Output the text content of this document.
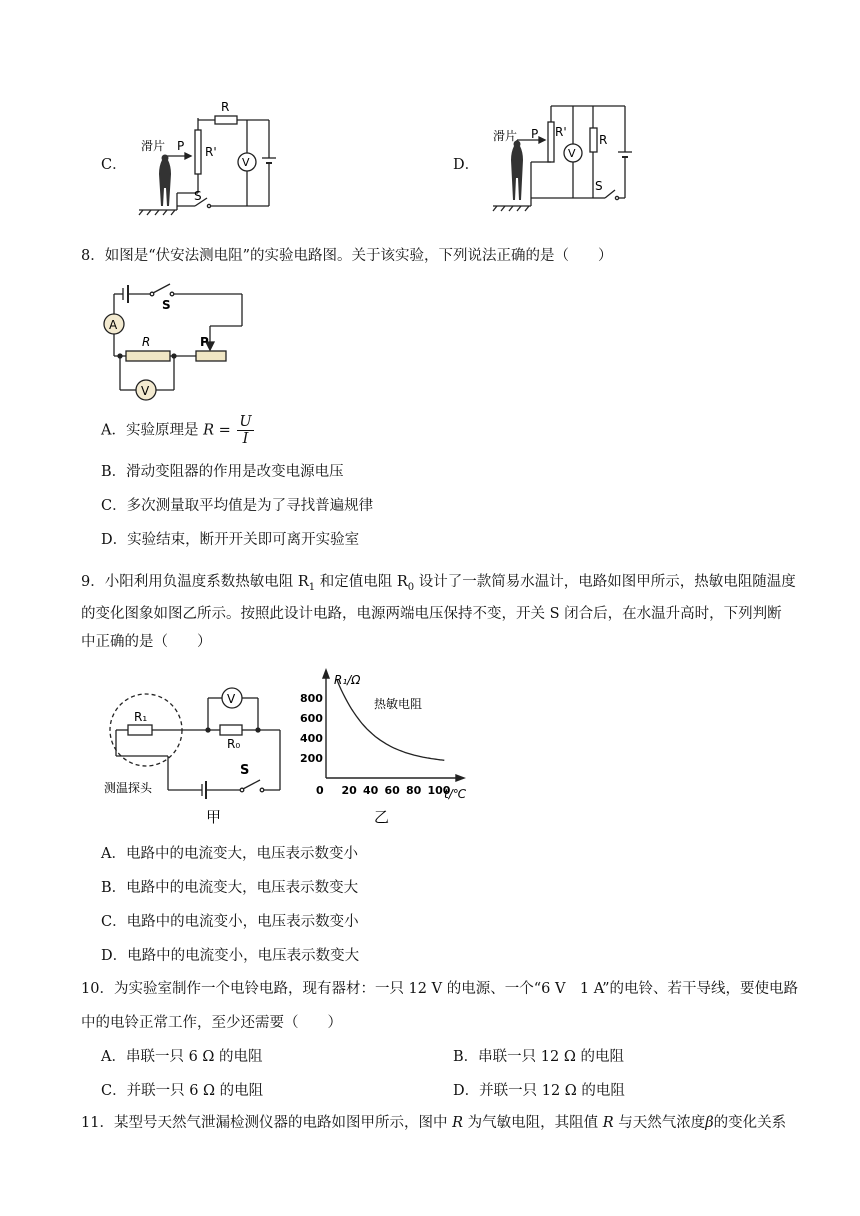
C．
滑片 P R'
R
V
S
D．
滑片 P R'
R
V
S
8．如图是“伏安法测电阻”的实验电路图。关于该实验，下列说法正确的是（　　）
A
S
R	P
V
A．实验原理是 $R = \frac{U}{I}$
B．滑动变阻器的作用是改变电源电压
C．多次测量取平均值是为了寻找普遍规律
D．实验结束，断开开关即可离开实验室
9．小阳利用负温度系数热敏电阻 $R_1$ 和定值电阻 $R_0$ 设计了一款简易水温计，电路如图甲所示，热敏电阻随温度
的变化图象如图乙所示。按照此设计电路，电源两端电压保持不变，开关 S 闭合后，在水温升高时，下列判断
中正确的是（　　）
R₁
R₀
V
S
测温探头
甲
800
600
400
200
0 20 40 60 80 100
R₁/Ω
热敏电阻
t/℃
乙
A．电路中的电流变大，电压表示数变小
B．电路中的电流变大，电压表示数变大
C．电路中的电流变小，电压表示数变小
D．电路中的电流变小，电压表示数变大
10．为实验室制作一个电铃电路，现有器材：一只 12 V 的电源、一个“6 V　1 A”的电铃、若干导线，要使电路
中的电铃正常工作，至少还需要（　　）
A．串联一只 6 Ω 的电阻	B．串联一只 12 Ω 的电阻
C．并联一只 6 Ω 的电阻	D．并联一只 12 Ω 的电阻
11．某型号天然气泄漏检测仪器的电路如图甲所示，图中 R 为气敏电阻，其阻值 R 与天然气浓度β的变化关系
